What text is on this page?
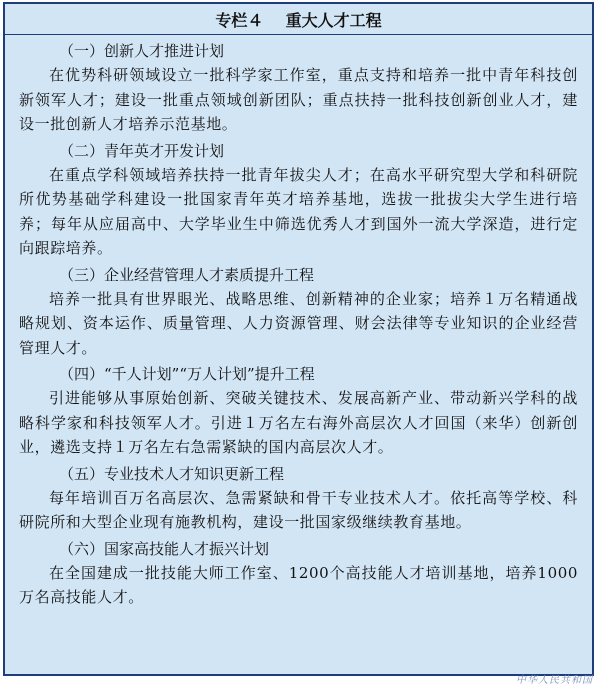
专栏４
重大人才工程
（一）创新人才推进计划
在优势科研领域设立一批科学家工作室，重点支持和培养一批中青年科技创新领军人才；建设一批重点领域创新团队；重点扶持一批科技创新创业人才，建设一批创新人才培养示范基地。
（二）青年英才开发计划
在重点学科领域培养扶持一批青年拔尖人才；在高水平研究型大学和科研院所优势基础学科建设一批国家青年英才培养基地，选拔一批拔尖大学生进行培养；每年从应届高中、大学毕业生中筛选优秀人才到国外一流大学深造，进行定向跟踪培养。
（三）企业经营管理人才素质提升工程
培养一批具有世界眼光、战略思维、创新精神的企业家；培养１万名精通战略规划、资本运作、质量管理、人力资源管理、财会法律等专业知识的企业经营管理人才。
（四）“千人计划”“万人计划”提升工程
引进能够从事原始创新、突破关键技术、发展高新产业、带动新兴学科的战略科学家和科技领军人才。引进１万名左右海外高层次人才回国（来华）创新创业，遴选支持１万名左右急需紧缺的国内高层次人才。
（五）专业技术人才知识更新工程
每年培训百万名高层次、急需紧缺和骨干专业技术人才。依托高等学校、科研院所和大型企业现有施教机构，建设一批国家级继续教育基地。
（六）国家高技能人才振兴计划
在全国建成一批技能大师工作室、1200个高技能人才培训基地，培养1000万名高技能人才。
中华人民共和国
